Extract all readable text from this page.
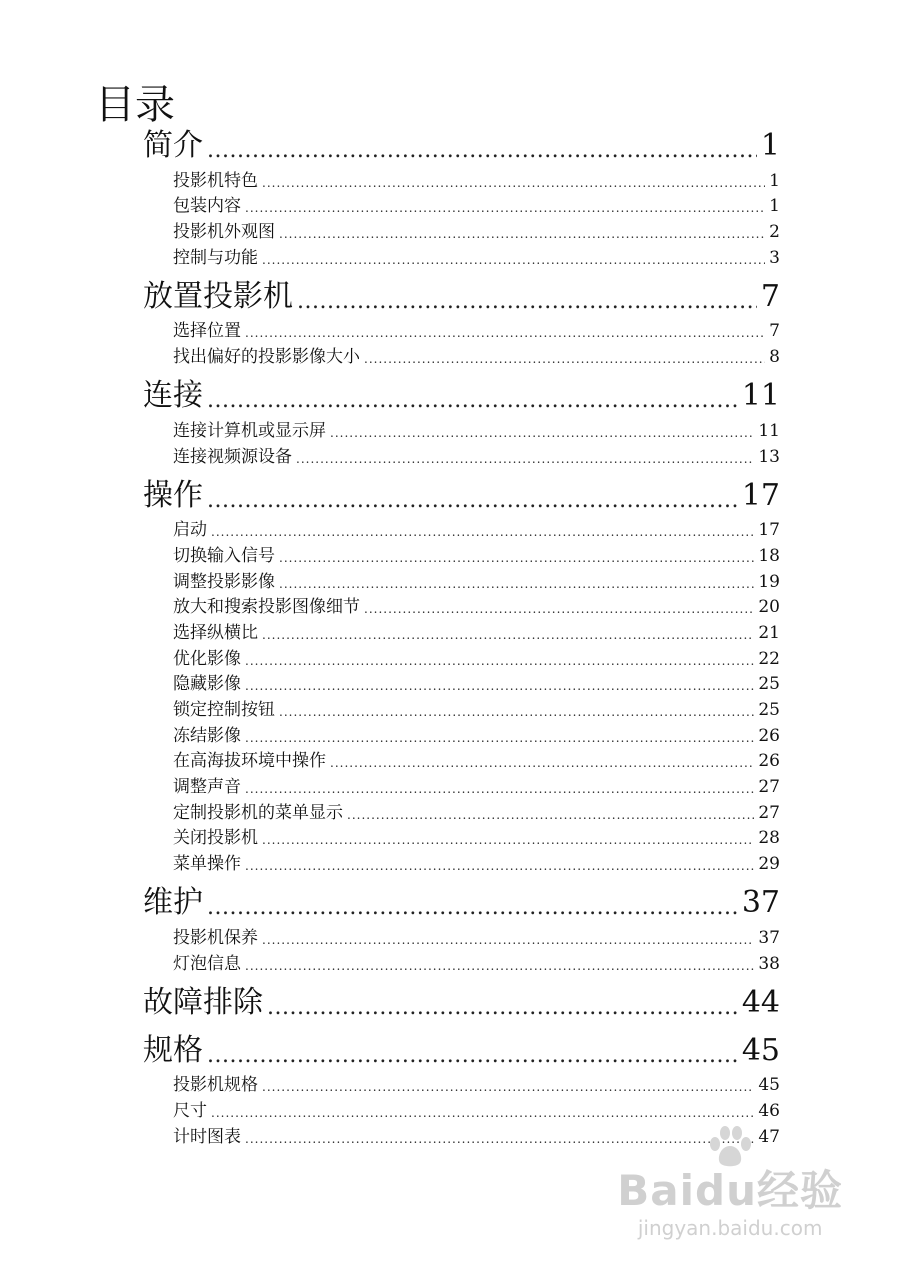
目录
简介 .....	1
投影机特色 .....	1
包装内容 .....	1
投影机外观图 .....	2
控制与功能 .....	3
放置投影机 .....	7
选择位置 .....	7
找出偏好的投影影像大小 .....	8
连接 .....	11
连接计算机或显示屏 .....	11
连接视频源设备 .....	13
操作 .....	17
启动 .....	17
切换输入信号 .....	18
调整投影影像 .....	19
放大和搜索投影图像细节 .....	20
选择纵横比 .....	21
优化影像 .....	22
隐藏影像 .....	25
锁定控制按钮 .....	25
冻结影像 .....	26
在高海拔环境中操作 .....	26
调整声音 .....	27
定制投影机的菜单显示 .....	27
关闭投影机 .....	28
菜单操作 .....	29
维护 .....	37
投影机保养 .....	37
灯泡信息 .....	38
故障排除 .....	44
规格 .....	45
投影机规格 .....	45
尺寸 .....	46
计时图表 .....	47
Baidu经验
jingyan.baidu.com
